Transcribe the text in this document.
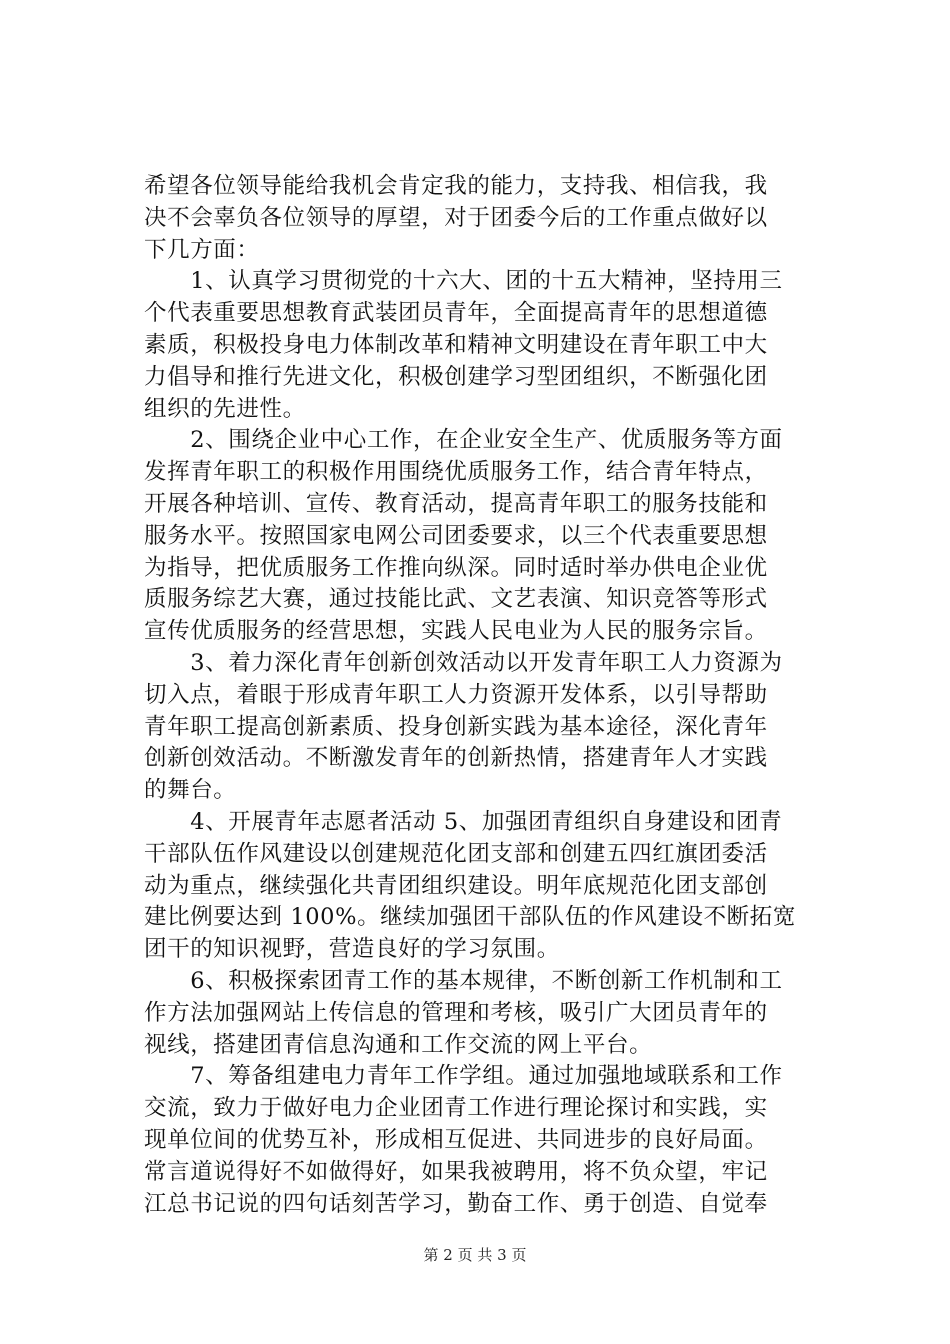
希望各位领导能给我机会肯定我的能力，支持我、相信我，我
决不会辜负各位领导的厚望，对于团委今后的工作重点做好以
下几方面：
　　1、认真学习贯彻党的十六大、团的十五大精神，坚持用三
个代表重要思想教育武装团员青年，全面提高青年的思想道德
素质，积极投身电力体制改革和精神文明建设在青年职工中大
力倡导和推行先进文化，积极创建学习型团组织，不断强化团
组织的先进性。
　　2、围绕企业中心工作，在企业安全生产、优质服务等方面
发挥青年职工的积极作用围绕优质服务工作，结合青年特点，
开展各种培训、宣传、教育活动，提高青年职工的服务技能和
服务水平。按照国家电网公司团委要求，以三个代表重要思想
为指导，把优质服务工作推向纵深。同时适时举办供电企业优
质服务综艺大赛，通过技能比武、文艺表演、知识竞答等形式
宣传优质服务的经营思想，实践人民电业为人民的服务宗旨。
　　3、着力深化青年创新创效活动以开发青年职工人力资源为
切入点，着眼于形成青年职工人力资源开发体系，以引导帮助
青年职工提高创新素质、投身创新实践为基本途径，深化青年
创新创效活动。不断激发青年的创新热情，搭建青年人才实践
的舞台。
　　4、开展青年志愿者活动 5、加强团青组织自身建设和团青
干部队伍作风建设以创建规范化团支部和创建五四红旗团委活
动为重点，继续强化共青团组织建设。明年底规范化团支部创
建比例要达到 100%。继续加强团干部队伍的作风建设不断拓宽
团干的知识视野，营造良好的学习氛围。
　　6、积极探索团青工作的基本规律，不断创新工作机制和工
作方法加强网站上传信息的管理和考核，吸引广大团员青年的
视线，搭建团青信息沟通和工作交流的网上平台。
　　7、筹备组建电力青年工作学组。通过加强地域联系和工作
交流，致力于做好电力企业团青工作进行理论探讨和实践，实
现单位间的优势互补，形成相互促进、共同进步的良好局面。
常言道说得好不如做得好，如果我被聘用，将不负众望，牢记
江总书记说的四句话刻苦学习，勤奋工作、勇于创造、自觉奉
第 2 页 共 3 页
